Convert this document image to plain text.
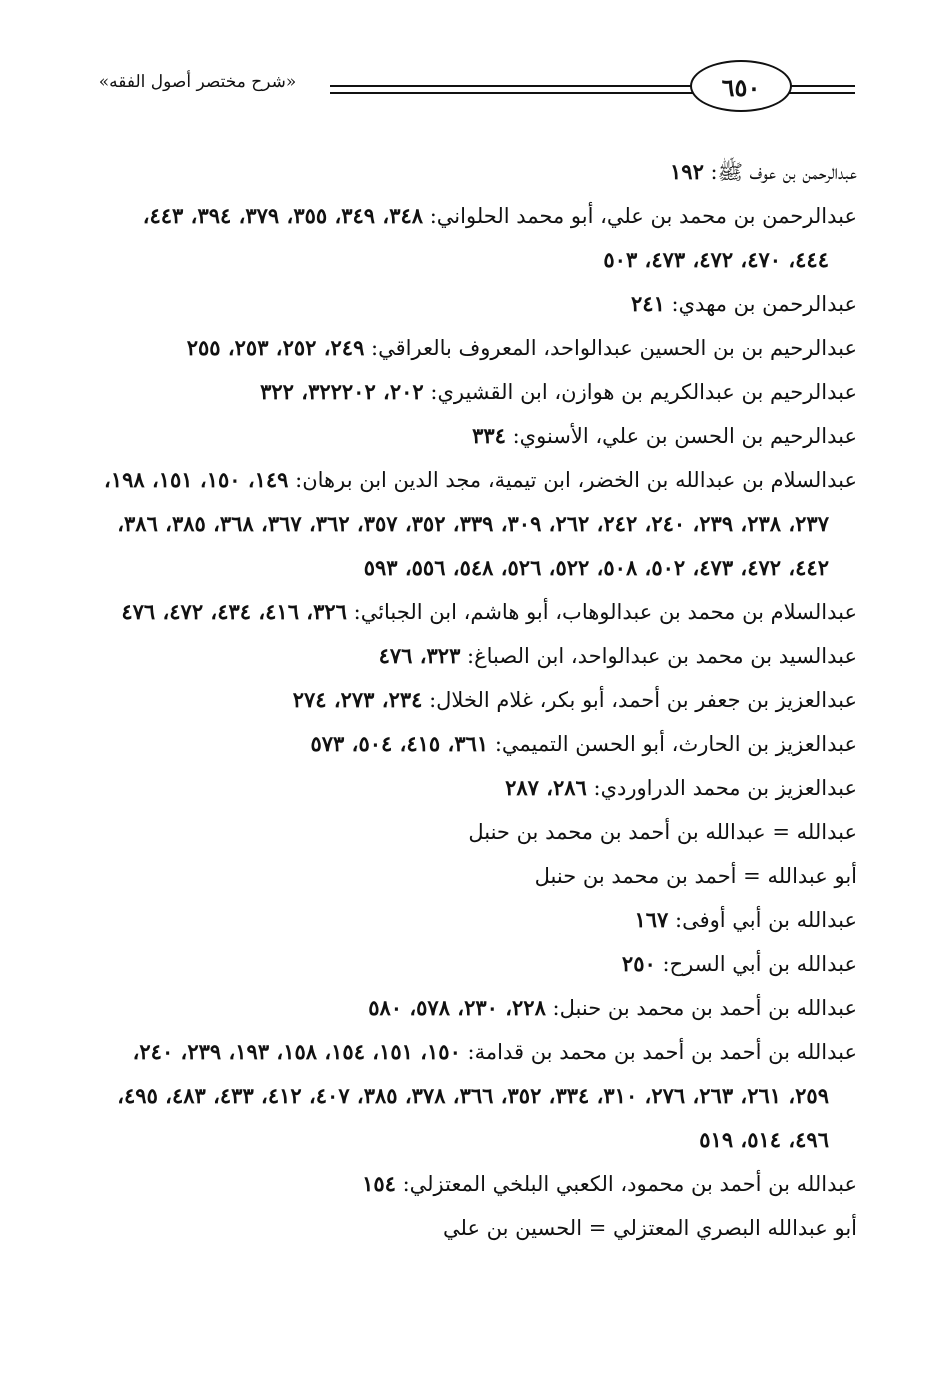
«شرح مختصر أصول الفقه»	٦٥٠

عبدالرحمن بن عوف ﷺ: ١٩٢

عبدالرحمن بن محمد بن علي، أبو محمد الحلواني: ٣٤٨، ٣٤٩، ٣٥٥، ٣٧٩، ٣٩٤، ٤٤٣، ٤٤٤، ٤٧٠، ٤٧٢، ٤٧٣، ٥٠٣

عبدالرحمن بن مهدي: ٢٤١

عبدالرحيم بن بن الحسين عبدالواحد، المعروف بالعراقي: ٢٤٩، ٢٥٢، ٢٥٣، ٢٥٥

عبدالرحيم بن عبدالكريم بن هوازن، ابن القشيري: ٢٠٢، ٣٢٢٢٠٢، ٣٢٢

عبدالرحيم بن الحسن بن علي، الأسنوي: ٣٣٤

عبدالسلام بن عبدالله بن الخضر، ابن تيمية، مجد الدين ابن برهان: ١٤٩، ١٥٠، ١٥١، ١٩٨، ٢٣٧، ٢٣٨، ٢٣٩، ٢٤٠، ٢٤٢، ٢٦٢، ٣٠٩، ٣٣٩، ٣٥٢، ٣٥٧، ٣٦٢، ٣٦٧، ٣٦٨، ٣٨٥، ٣٨٦، ٤٤٢، ٤٧٢، ٤٧٣، ٥٠٢، ٥٠٨، ٥٢٢، ٥٢٦، ٥٤٨، ٥٥٦، ٥٩٣

عبدالسلام بن محمد بن عبدالوهاب، أبو هاشم، ابن الجبائي: ٣٢٦، ٤١٦، ٤٣٤، ٤٧٢، ٤٧٦

عبدالسيد بن محمد بن عبدالواحد، ابن الصباغ: ٣٢٣، ٤٧٦

عبدالعزيز بن جعفر بن أحمد، أبو بكر، غلام الخلال: ٢٣٤، ٢٧٣، ٢٧٤

عبدالعزيز بن الحارث، أبو الحسن التميمي: ٣٦١، ٤١٥، ٥٠٤، ٥٧٣

عبدالعزيز بن محمد الدراوردي: ٢٨٦، ٢٨٧

عبدالله = عبدالله بن أحمد بن محمد بن حنبل

أبو عبدالله = أحمد بن محمد بن حنبل

عبدالله بن أبي أوفى: ١٦٧

عبدالله بن أبي السرح: ٢٥٠

عبدالله بن أحمد بن محمد بن حنبل: ٢٢٨، ٢٣٠، ٥٧٨، ٥٨٠

عبدالله بن أحمد بن أحمد بن محمد بن قدامة: ١٥٠، ١٥١، ١٥٤، ١٥٨، ١٩٣، ٢٣٩، ٢٤٠، ٢٥٩، ٢٦١، ٢٦٣، ٢٧٦، ٣١٠، ٣٣٤، ٣٥٢، ٣٦٦، ٣٧٨، ٣٨٥، ٤٠٧، ٤١٢، ٤٣٣، ٤٨٣، ٤٩٥، ٤٩٦، ٥١٤، ٥١٩

عبدالله بن أحمد بن محمود، الكعبي البلخي المعتزلي: ١٥٤

أبو عبدالله البصري المعتزلي = الحسين بن علي
